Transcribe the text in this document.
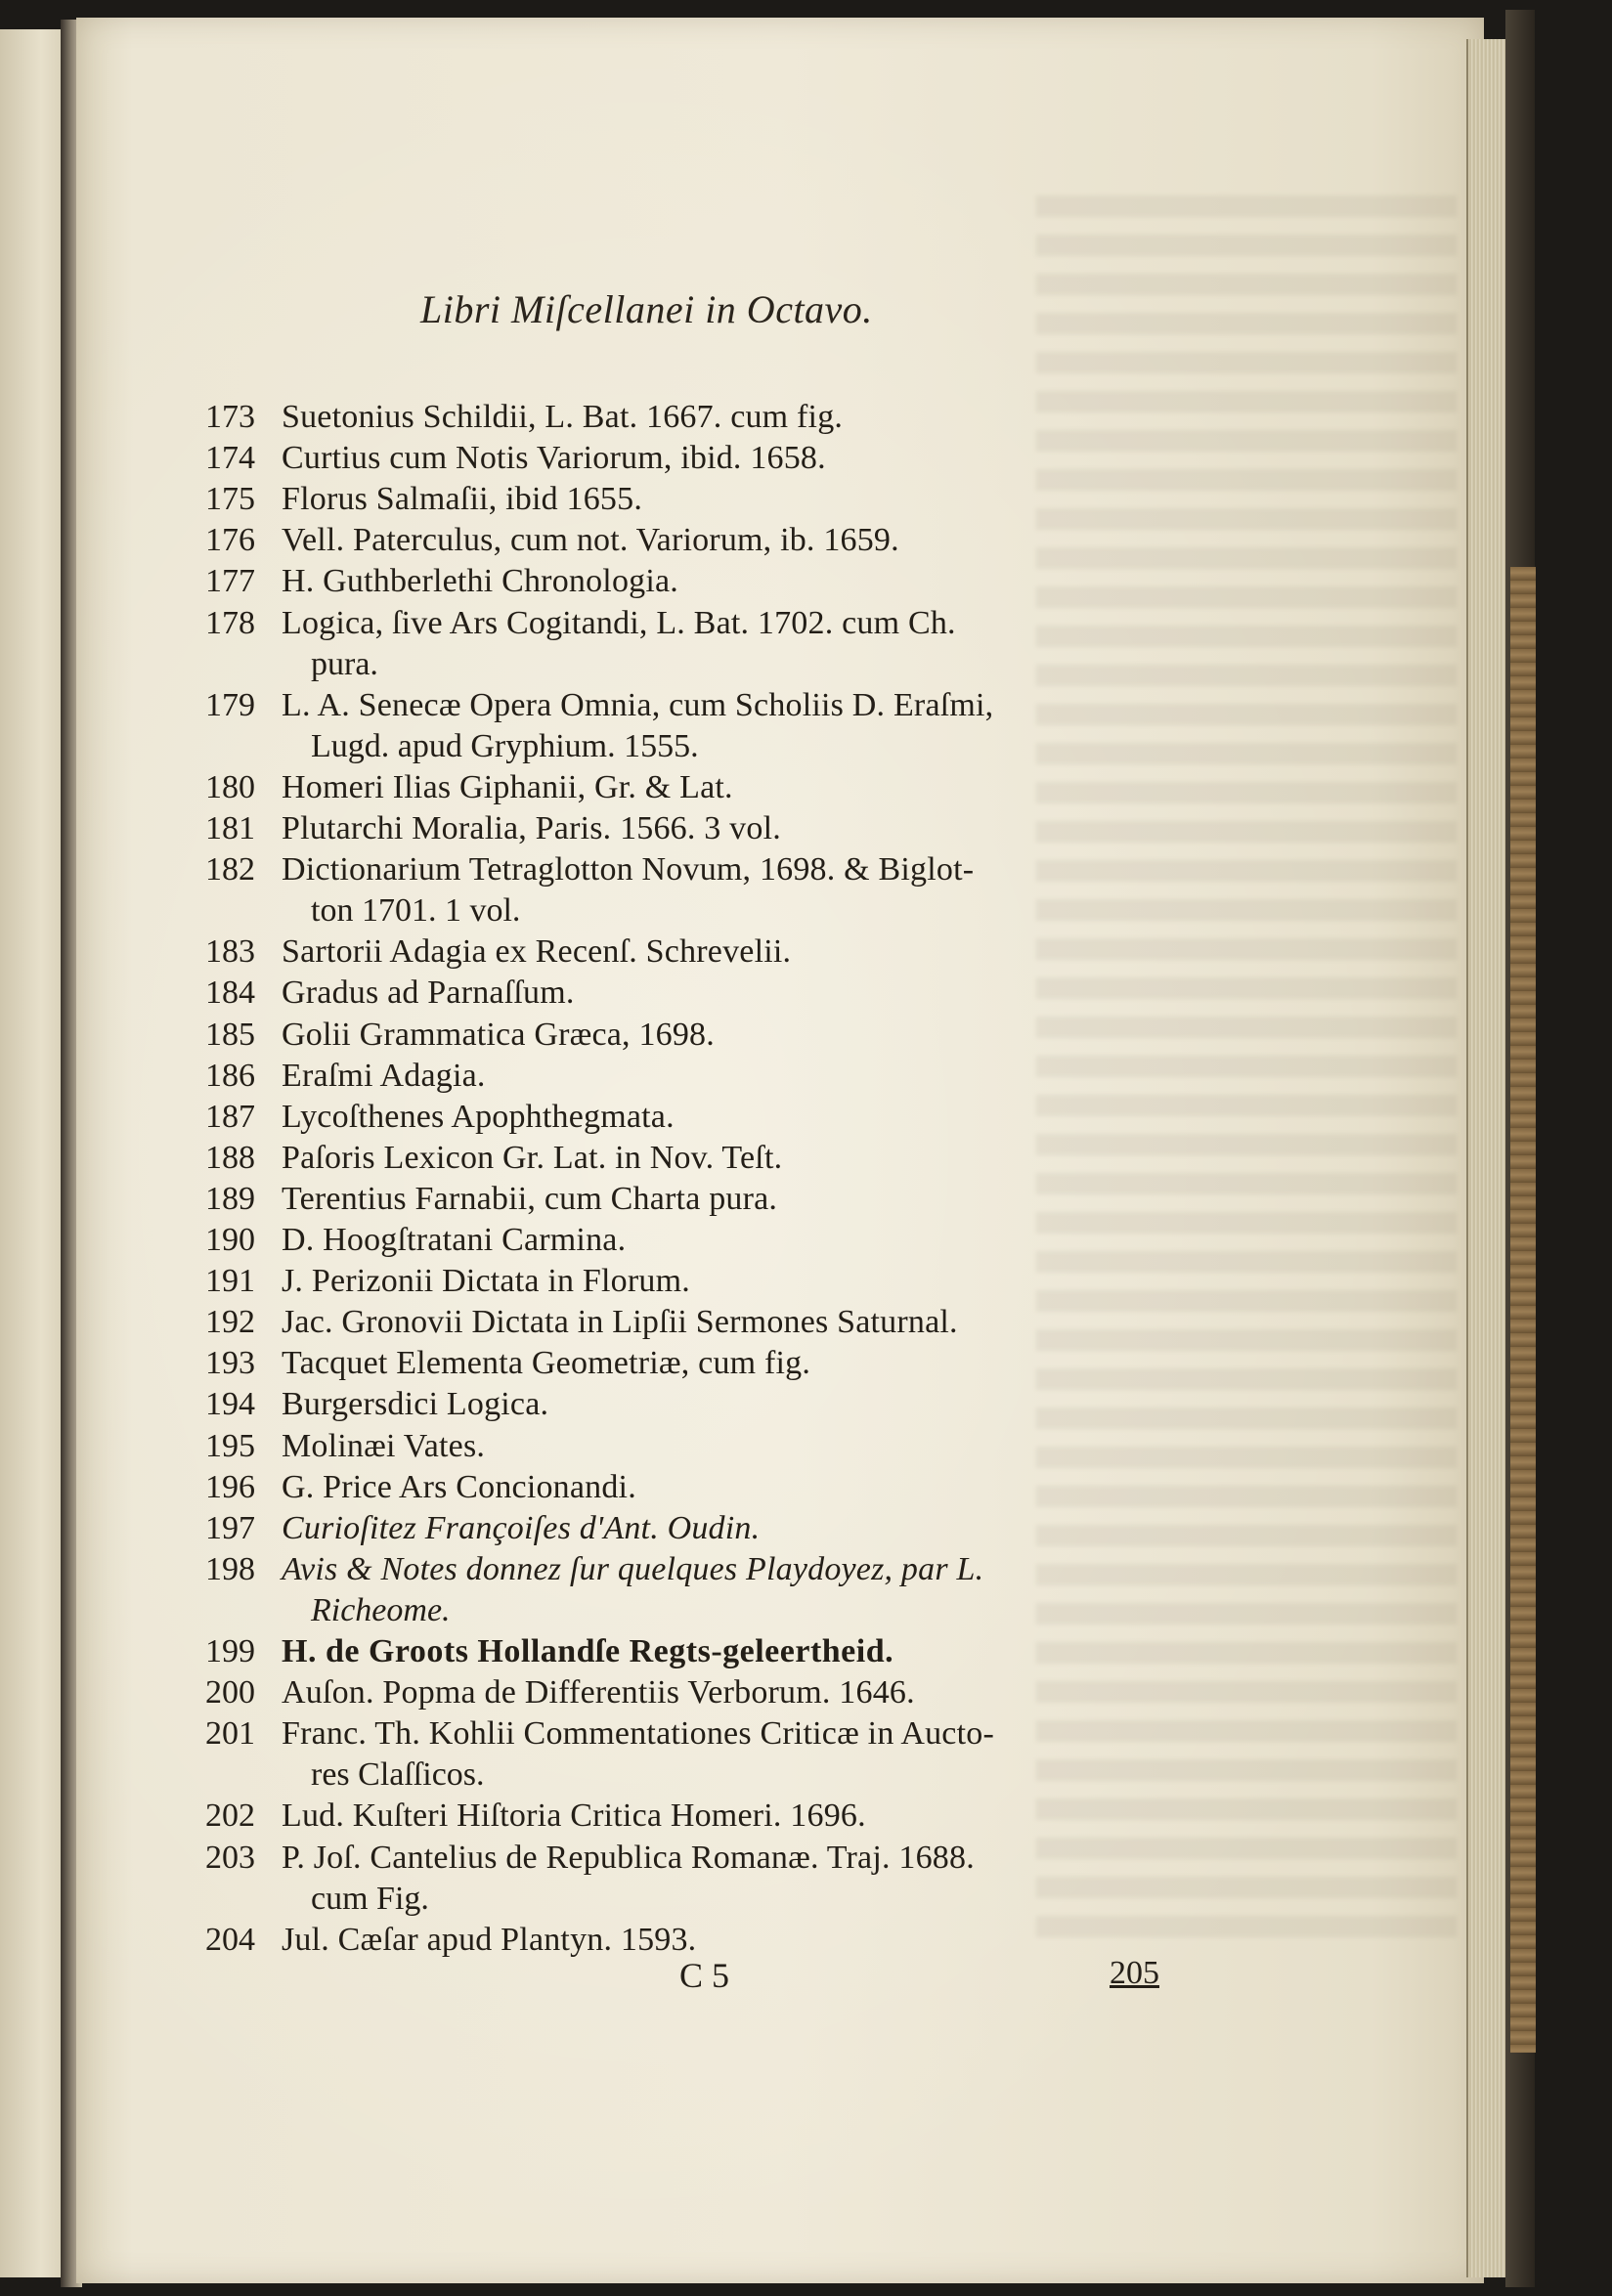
Libri Miſcellanei in Octavo.
173 Suetonius Schildii, L. Bat. 1667. cum fig.
174 Curtius cum Notis Variorum, ibid. 1658.
175 Florus Salmaſii, ibid 1655.
176 Vell. Paterculus, cum not. Variorum, ib. 1659.
177 H. Guthberlethi Chronologia.
178 Logica, ſive Ars Cogitandi, L. Bat. 1702. cum Ch.
pura.
179 L. A. Senecæ Opera Omnia, cum Scholiis D. Eraſmi,
Lugd. apud Gryphium. 1555.
180 Homeri Ilias Giphanii, Gr. & Lat.
181 Plutarchi Moralia, Paris. 1566. 3 vol.
182 Dictionarium Tetraglotton Novum, 1698. & Biglot-
ton 1701. 1 vol.
183 Sartorii Adagia ex Recenſ. Schrevelii.
184 Gradus ad Parnaſſum.
185 Golii Grammatica Græca, 1698.
186 Eraſmi Adagia.
187 Lycoſthenes Apophthegmata.
188 Paſoris Lexicon Gr. Lat. in Nov. Teſt.
189 Terentius Farnabii, cum Charta pura.
190 D. Hoogſtratani Carmina.
191 J. Perizonii Dictata in Florum.
192 Jac. Gronovii Dictata in Lipſii Sermones Saturnal.
193 Tacquet Elementa Geometriæ, cum fig.
194 Burgersdici Logica.
195 Molinæi Vates.
196 G. Price Ars Concionandi.
197 Curioſitez Françoiſes d'Ant. Oudin.
198 Avis & Notes donnez ſur quelques Playdoyez, par L.
Richeome.
199 H. de Groots Hollandſe Regts-geleertheid.
200 Auſon. Popma de Differentiis Verborum. 1646.
201 Franc. Th. Kohlii Commentationes Criticæ in Aucto-
res Claſſicos.
202 Lud. Kuſteri Hiſtoria Critica Homeri. 1696.
203 P. Joſ. Cantelius de Republica Romanæ. Traj. 1688.
cum Fig.
204 Jul. Cæſar apud Plantyn. 1593.
C 5	205
